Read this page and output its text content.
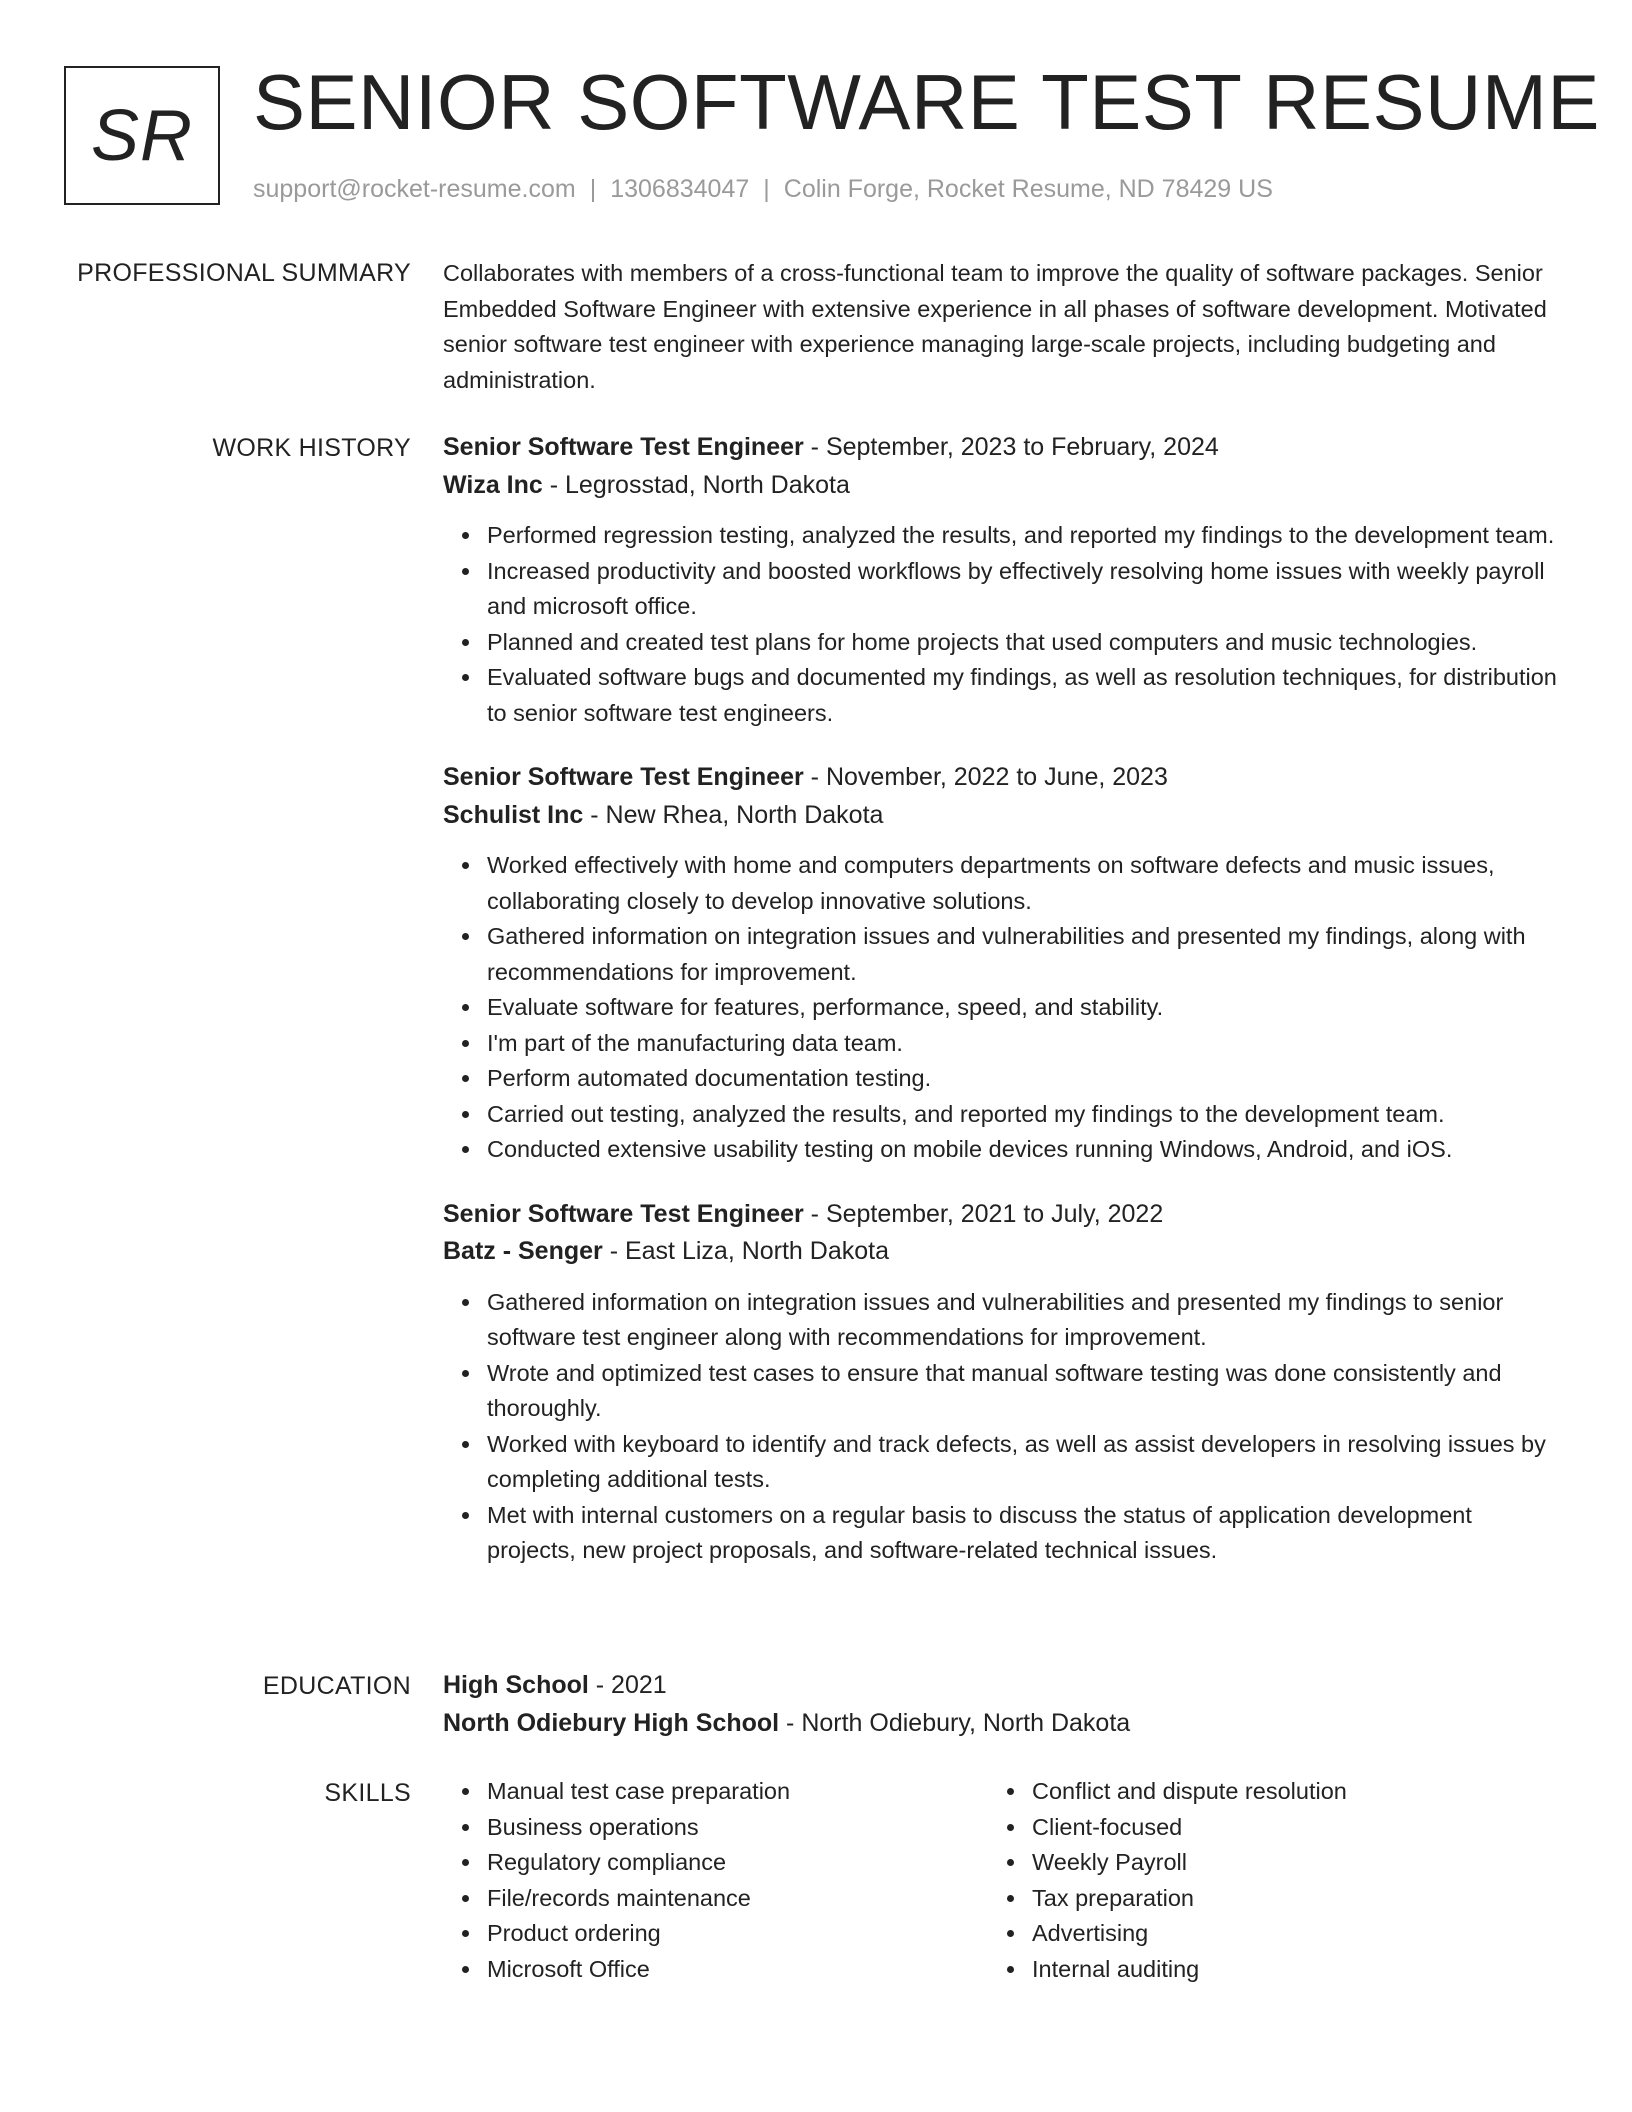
SR SENIOR SOFTWARE TEST RESUME
support@rocket-resume.com | 1306834047 | Colin Forge, Rocket Resume, ND 78429 US
PROFESSIONAL SUMMARY Collaborates with members of a cross-functional team to improve the quality of software packages. Senior Embedded Software Engineer with extensive experience in all phases of software development. Motivated senior software test engineer with experience managing large-scale projects, including budgeting and administration.

WORK HISTORY Senior Software Test Engineer - September, 2023 to February, 2024
Wiza Inc - Legrosstad, North Dakota
Performed regression testing, analyzed the results, and reported my findings to the development team.
Increased productivity and boosted workflows by effectively resolving home issues with weekly payroll and microsoft office.
Planned and created test plans for home projects that used computers and music technologies.
Evaluated software bugs and documented my findings, as well as resolution techniques, for distribution to senior software test engineers.
Senior Software Test Engineer - November, 2022 to June, 2023
Schulist Inc - New Rhea, North Dakota
Worked effectively with home and computers departments on software defects and music issues, collaborating closely to develop innovative solutions.
Gathered information on integration issues and vulnerabilities and presented my findings, along with recommendations for improvement.
Evaluate software for features, performance, speed, and stability.
I'm part of the manufacturing data team.
Perform automated documentation testing.
Carried out testing, analyzed the results, and reported my findings to the development team.
Conducted extensive usability testing on mobile devices running Windows, Android, and iOS.
Senior Software Test Engineer - September, 2021 to July, 2022
Batz - Senger - East Liza, North Dakota
Gathered information on integration issues and vulnerabilities and presented my findings to senior software test engineer along with recommendations for improvement.
Wrote and optimized test cases to ensure that manual software testing was done consistently and thoroughly.
Worked with keyboard to identify and track defects, as well as assist developers in resolving issues by completing additional tests.
Met with internal customers on a regular basis to discuss the status of application development projects, new project proposals, and software-related technical issues.
EDUCATION High School - 2021
North Odiebury High School - North Odiebury, North Dakota
SKILLS	Manual test case preparation
Business operations
Regulatory compliance
File/records maintenance
Product ordering
Microsoft Office
Conflict and dispute resolution
Client-focused
Weekly Payroll
Tax preparation
Advertising
Internal auditing
